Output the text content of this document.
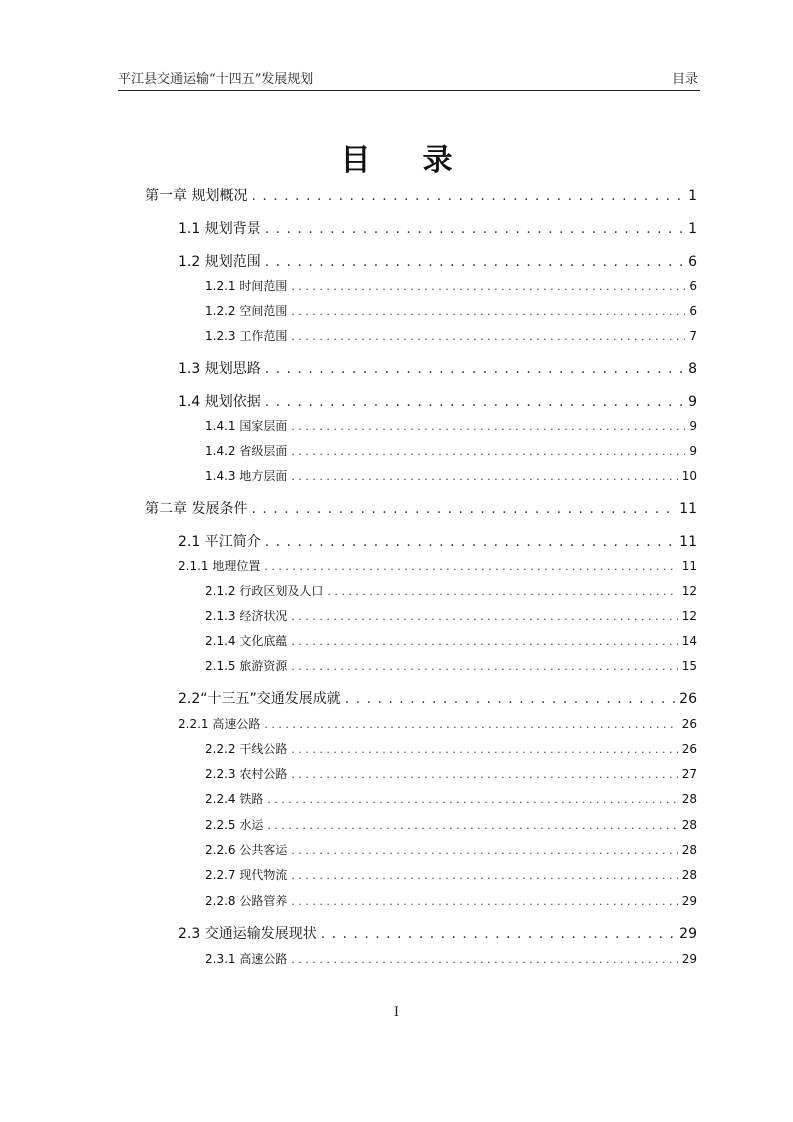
平江县交通运输“十四五”发展规划	目录
目录
第一章 规划概况 . . .	1
1.1 规划背景 . . .	1
1.2 规划范围 . . .	6
1.2.1 时间范围 . . .	6
1.2.2 空间范围 . . .	6
1.2.3 工作范围 . . .	7
1.3 规划思路 . . .	8
1.4 规划依据 . . .	9
1.4.1 国家层面 . . .	9
1.4.2 省级层面 . . .	9
1.4.3 地方层面 . . .	10
第二章 发展条件 . . .	11
2.1 平江简介 . . .	11
2.1.1 地理位置 . . .	11
2.1.2 行政区划及人口 . . .	12
2.1.3 经济状况 . . .	12
2.1.4 文化底蕴 . . .	14
2.1.5 旅游资源 . . .	15
2.2“十三五”交通发展成就 . . .	26
2.2.1 高速公路 . . .	26
2.2.2 干线公路 . . .	26
2.2.3 农村公路 . . .	27
2.2.4 铁路 . . .	28
2.2.5 水运 . . .	28
2.2.6 公共客运 . . .	28
2.2.7 现代物流 . . .	28
2.2.8 公路管养 . . .	29
2.3 交通运输发展现状 . . .	29
2.3.1 高速公路 . . .	29
I
